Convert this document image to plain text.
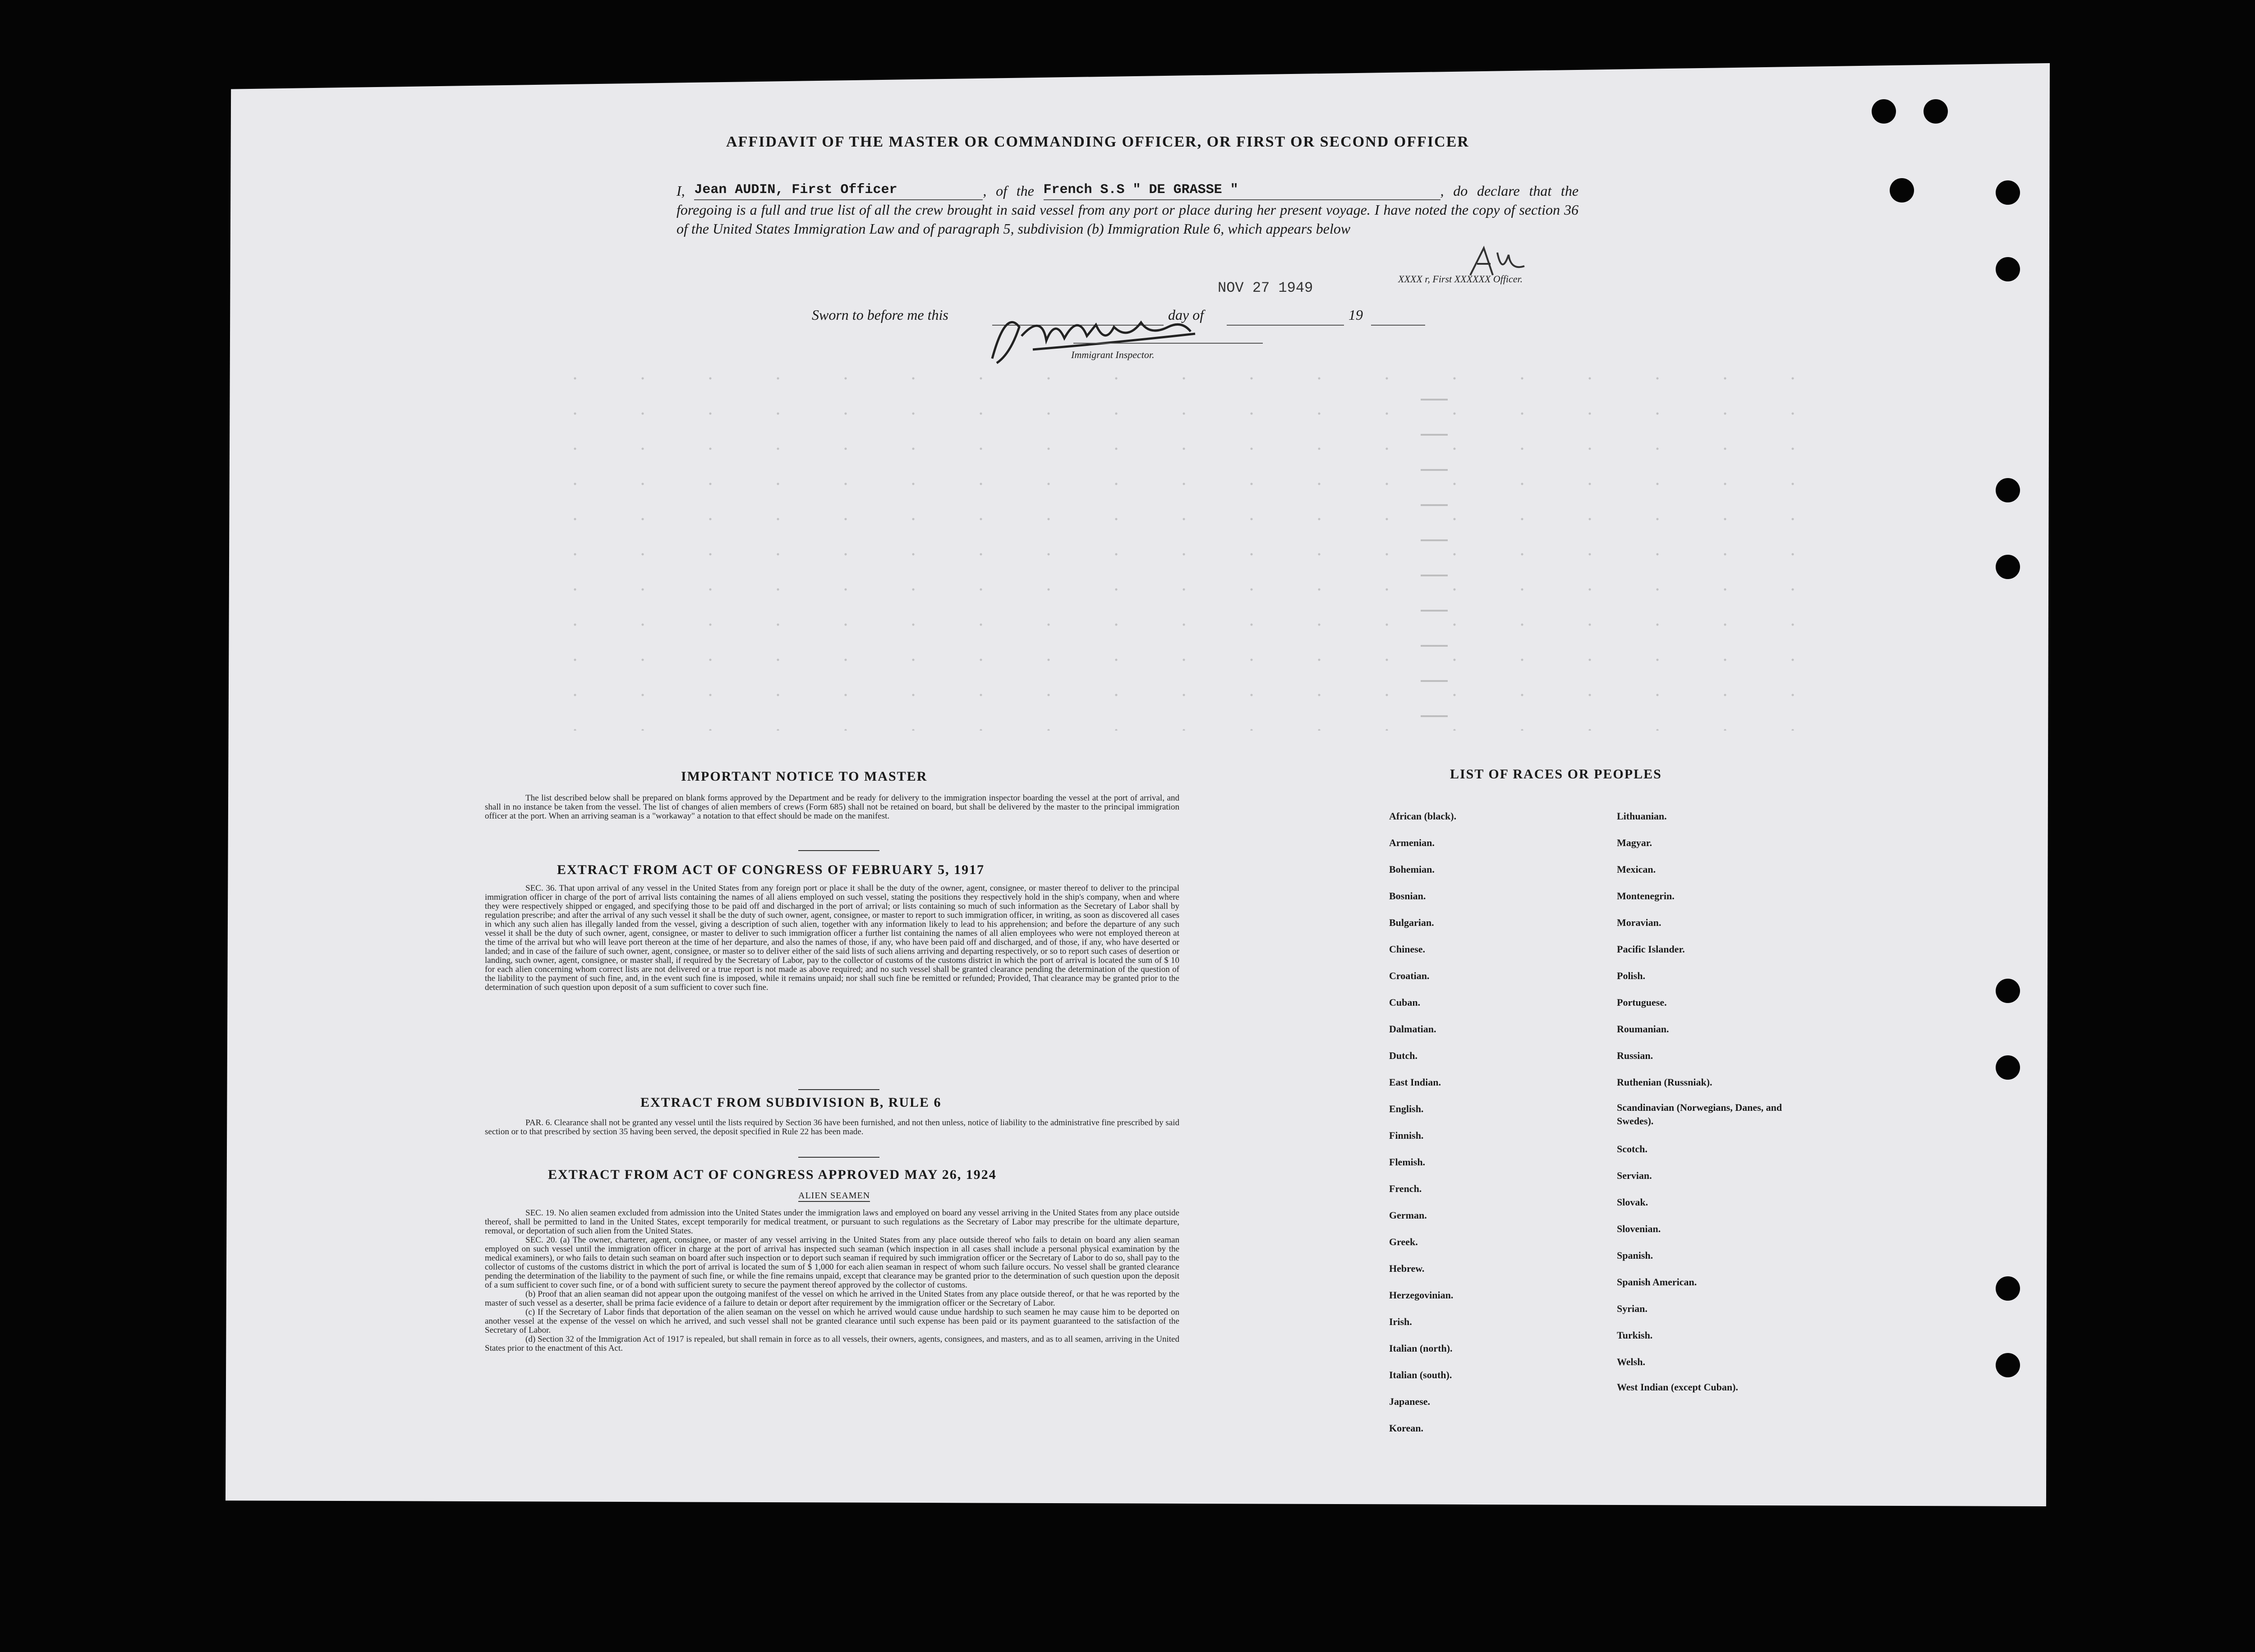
AFFIDAVIT OF THE MASTER OR COMMANDING OFFICER, OR FIRST OR SECOND OFFICER
I, Jean AUDIN, First Officer	, of the French S.S " DE GRASSE "	, do declare that the foregoing is a full and true list of all the crew brought in said vessel from any port or place during her present voyage. I have noted the copy of section 36 of the United States Immigration Law and of paragraph 5, subdivision (b) Immigration Rule 6, which appears below
NOV 27 1949
XXXX r, First XXXXXX Officer.
Sworn to before me this	day of	19
Immigrant Inspector.
IMPORTANT NOTICE TO MASTER
The list described below shall be prepared on blank forms approved by the Department and be ready for delivery to the immigration inspector boarding the vessel at the port of arrival, and shall in no instance be taken from the vessel. The list of changes of alien members of crews (Form 685) shall not be retained on board, but shall be delivered by the master to the principal immigration officer at the port. When an arriving seaman is a "workaway" a notation to that effect should be made on the manifest.
EXTRACT FROM ACT OF CONGRESS OF FEBRUARY 5, 1917
SEC. 36. That upon arrival of any vessel in the United States from any foreign port or place it shall be the duty of the owner, agent, consignee, or master thereof to deliver to the principal immigration officer in charge of the port of arrival lists containing the names of all aliens employed on such vessel, stating the positions they respectively hold in the ship's company, when and where they were respectively shipped or engaged, and specifying those to be paid off and discharged in the port of arrival; or lists containing so much of such information as the Secretary of Labor shall by regulation prescribe; and after the arrival of any such vessel it shall be the duty of such owner, agent, consignee, or master to report to such immigration officer, in writing, as soon as discovered all cases in which any such alien has illegally landed from the vessel, giving a description of such alien, together with any information likely to lead to his apprehension; and before the departure of any such vessel it shall be the duty of such owner, agent, consignee, or master to deliver to such immigration officer a further list containing the names of all alien employees who were not employed thereon at the time of the arrival but who will leave port thereon at the time of her departure, and also the names of those, if any, who have been paid off and discharged, and of those, if any, who have deserted or landed; and in case of the failure of such owner, agent, consignee, or master so to deliver either of the said lists of such aliens arriving and departing respectively, or so to report such cases of desertion or landing, such owner, agent, consignee, or master shall, if required by the Secretary of Labor, pay to the collector of customs of the customs district in which the port of arrival is located the sum of $ 10 for each alien concerning whom correct lists are not delivered or a true report is not made as above required; and no such vessel shall be granted clearance pending the determination of the question of the liability to the payment of such fine, and, in the event such fine is imposed, while it remains unpaid; nor shall such fine be remitted or refunded; Provided, That clearance may be granted prior to the determination of such question upon deposit of a sum sufficient to cover such fine.
EXTRACT FROM SUBDIVISION B, RULE 6
PAR. 6. Clearance shall not be granted any vessel until the lists required by Section 36 have been furnished, and not then unless, notice of liability to the administrative fine prescribed by said section or to that prescribed by section 35 having been served, the deposit specified in Rule 22 has been made.
EXTRACT FROM ACT OF CONGRESS APPROVED MAY 26, 1924
ALIEN SEAMEN
SEC. 19. No alien seamen excluded from admission into the United States under the immigration laws and employed on board any vessel arriving in the United States from any place outside thereof, shall be permitted to land in the United States, except temporarily for medical treatment, or pursuant to such regulations as the Secretary of Labor may prescribe for the ultimate departure, removal, or deportation of such alien from the United States.
SEC. 20. (a) The owner, charterer, agent, consignee, or master of any vessel arriving in the United States from any place outside thereof who fails to detain on board any alien seaman employed on such vessel until the immigration officer in charge at the port of arrival has inspected such seaman (which inspection in all cases shall include a personal physical examination by the medical examiners), or who fails to detain such seaman on board after such inspection or to deport such seaman if required by such immigration officer or the Secretary of Labor to do so, shall pay to the collector of customs of the customs district in which the port of arrival is located the sum of $ 1,000 for each alien seaman in respect of whom such failure occurs. No vessel shall be granted clearance pending the determination of the liability to the payment of such fine, or while the fine remains unpaid, except that clearance may be granted prior to the determination of such question upon the deposit of a sum sufficient to cover such fine, or of a bond with sufficient surety to secure the payment thereof approved by the collector of customs.
(b) Proof that an alien seaman did not appear upon the outgoing manifest of the vessel on which he arrived in the United States from any place outside thereof, or that he was reported by the master of such vessel as a deserter, shall be prima facie evidence of a failure to detain or deport after requirement by the immigration officer or the Secretary of Labor.
(c) If the Secretary of Labor finds that deportation of the alien seaman on the vessel on which he arrived would cause undue hardship to such seamen he may cause him to be deported on another vessel at the expense of the vessel on which he arrived, and such vessel shall not be granted clearance until such expense has been paid or its payment guaranteed to the satisfaction of the Secretary of Labor.
(d) Section 32 of the Immigration Act of 1917 is repealed, but shall remain in force as to all vessels, their owners, agents, consignees, and masters, and as to all seamen, arriving in the United States prior to the enactment of this Act.
LIST OF RACES OR PEOPLES
African (black).
Armenian.
Bohemian.
Bosnian.
Bulgarian.
Chinese.
Croatian.
Cuban.
Dalmatian.
Dutch.
East Indian.
English.
Finnish.
Flemish.
French.
German.
Greek.
Hebrew.
Herzegovinian.
Irish.
Italian (north).
Italian (south).
Japanese.
Korean.
Lithuanian.
Magyar.
Mexican.
Montenegrin.
Moravian.
Pacific Islander.
Polish.
Portuguese.
Roumanian.
Russian.
Ruthenian (Russniak).
Scandinavian (Norwegians, Danes, and Swedes).
Scotch.
Servian.
Slovak.
Slovenian.
Spanish.
Spanish American.
Syrian.
Turkish.
Welsh.
West Indian (except Cuban).
